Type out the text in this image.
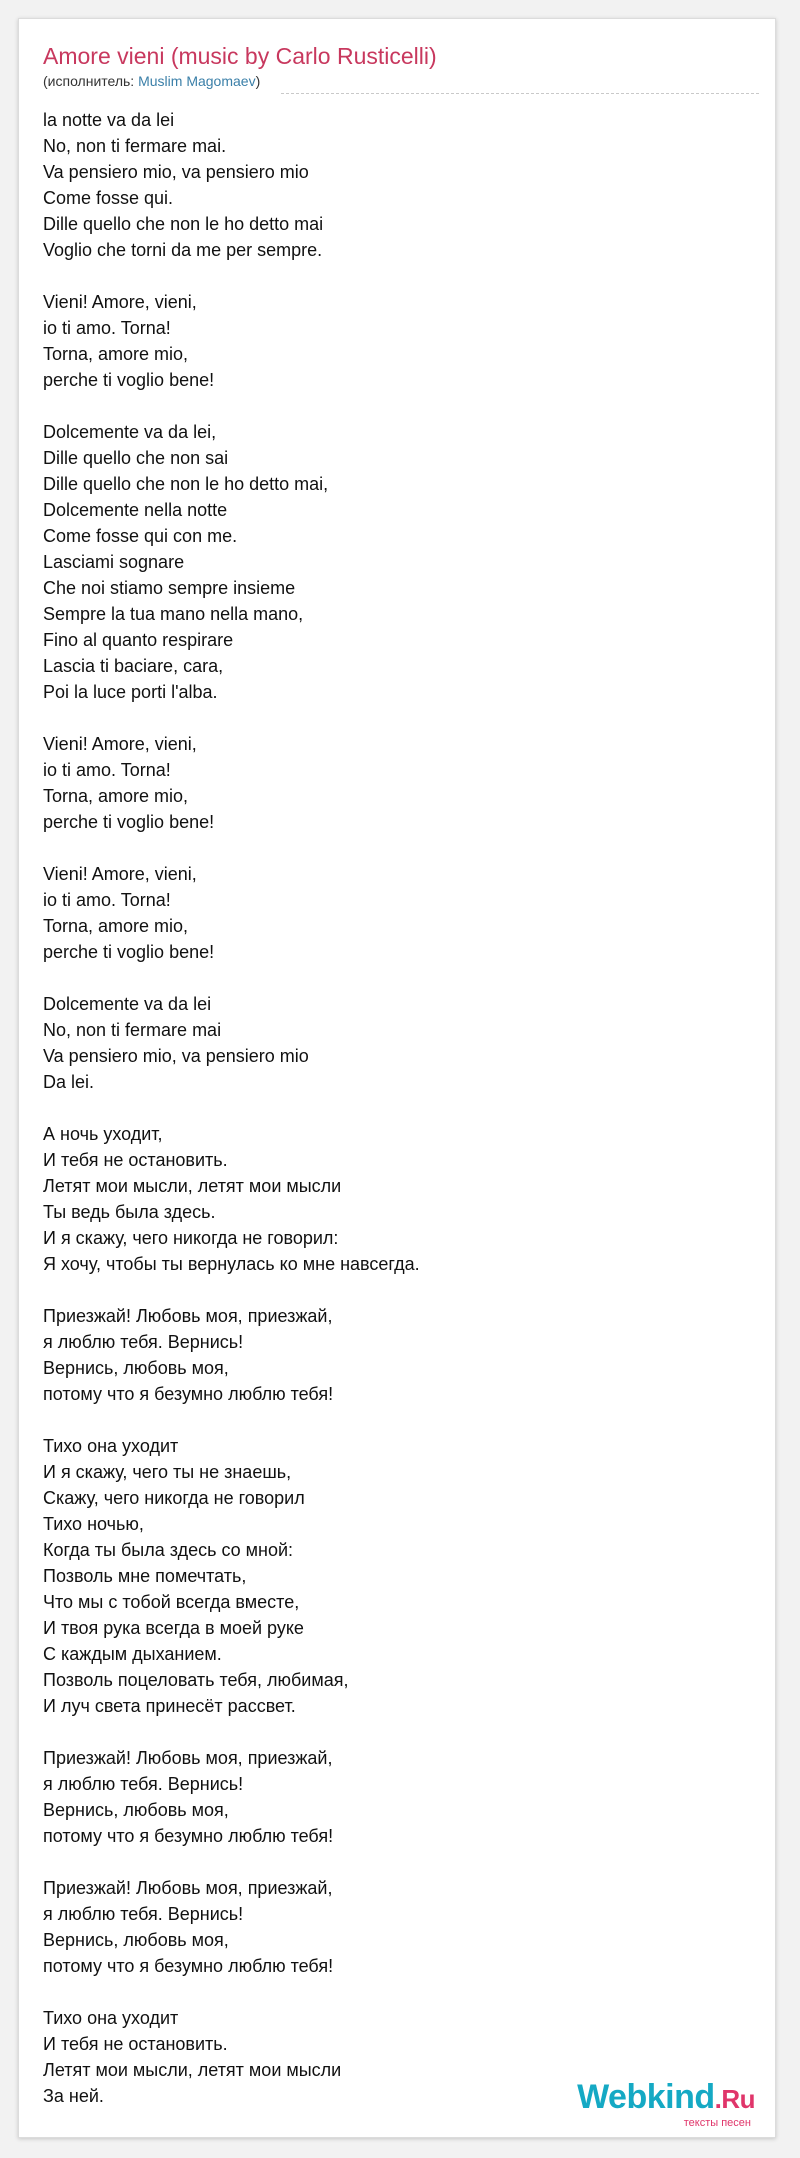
Amore vieni (music by Carlo Rusticelli)
(исполнитель: Muslim Magomaev)
la notte va da lei
No, non ti fermare mai.
Va pensiero mio, va pensiero mio
Come fosse qui.
Dille quello che non le ho detto mai
Voglio che torni da me per sempre.
Vieni! Amore, vieni,
io ti amo. Torna!
Torna, amore mio,
perche ti voglio bene!
Dolcemente va da lei,
Dille quello che non sai
Dille quello che non le ho detto mai,
Dolcemente nella notte
Come fosse qui con me.
Lasciami sognare
Che noi stiamo sempre insieme
Sempre la tua mano nella mano,
Fino al quanto respirare
Lascia ti baciare, cara,
Poi la luce porti l'alba.
Vieni! Amore, vieni,
io ti amo. Torna!
Torna, amore mio,
perche ti voglio bene!
Vieni! Amore, vieni,
io ti amo. Torna!
Torna, amore mio,
perche ti voglio bene!
Dolcemente va da lei
No, non ti fermare mai
Va pensiero mio, va pensiero mio
Da lei.
А ночь уходит,
И тебя не остановить.
Летят мои мысли, летят мои мысли
Ты ведь была здесь.
И я скажу, чего никогда не говорил:
Я хочу, чтобы ты вернулась ко мне навсегда.
Приезжай! Любовь моя, приезжай,
я люблю тебя. Вернись!
Вернись, любовь моя,
потому что я безумно люблю тебя!
Тихо она уходит
И я скажу, чего ты не знаешь,
Скажу, чего никогда не говорил
Тихо ночью,
Когда ты была здесь со мной:
Позволь мне помечтать,
Что мы с тобой всегда вместе,
И твоя рука всегда в моей руке
С каждым дыханием.
Позволь поцеловать тебя, любимая,
И луч света принесёт рассвет.
Приезжай! Любовь моя, приезжай,
я люблю тебя. Вернись!
Вернись, любовь моя,
потому что я безумно люблю тебя!
Приезжай! Любовь моя, приезжай,
я люблю тебя. Вернись!
Вернись, любовь моя,
потому что я безумно люблю тебя!
Тихо она уходит
И тебя не остановить.
Летят мои мысли, летят мои мысли
За ней.	Webkind.Ru
тексты песен
